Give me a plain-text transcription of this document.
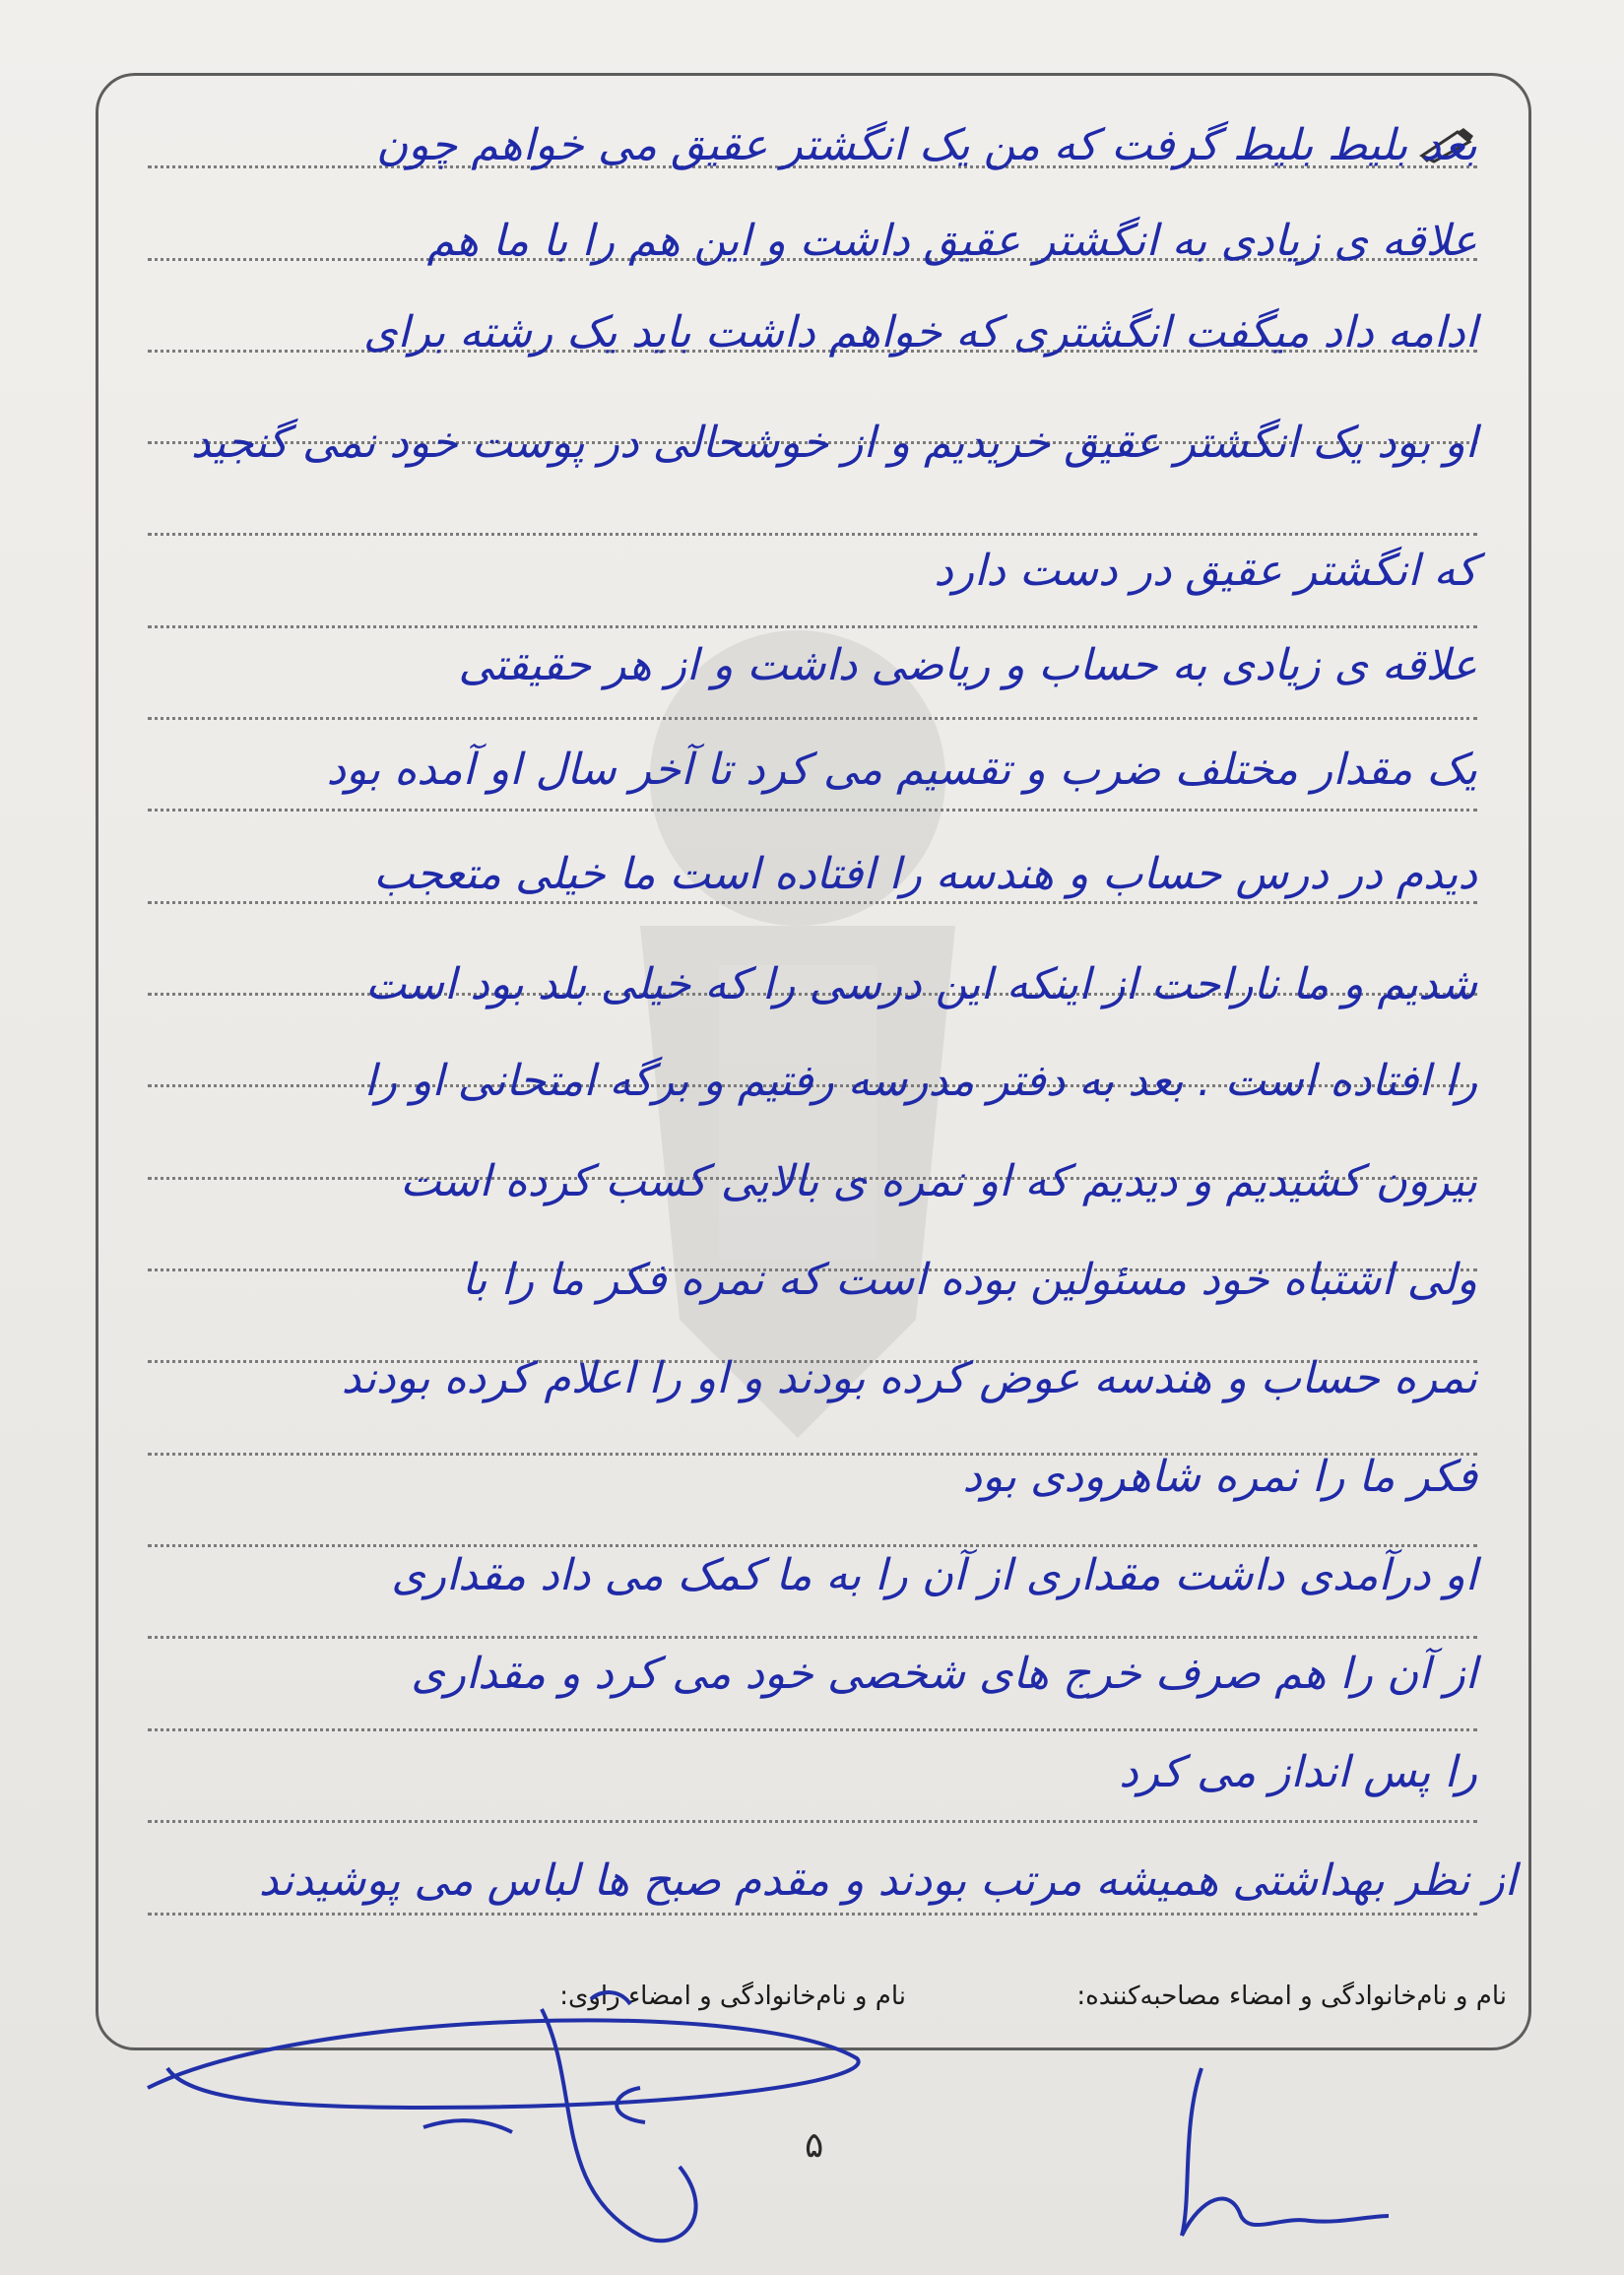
بعد بلیط بلیط گرفت که من یک انگشتر عقیق می خواهم چون
علاقه ی زیادی به انگشتر عقیق داشت و این هم را با ما هم
ادامه داد میگفت انگشتری که خواهم داشت باید یک رشته برای
او بود یک انگشتر عقیق خریدیم و از خوشحالی در پوست خود نمی گنجید
که انگشتر عقیق در دست دارد
علاقه ی زیادی به حساب و ریاضی داشت و از هر حقیقتی
یک مقدار مختلف ضرب و تقسیم می کرد تا آخر سال او آمده بود
دیدم در درس حساب و هندسه را افتاده است ما خیلی متعجب
شدیم و ما ناراحت از اینکه این درسی را که خیلی بلد بود است
را افتاده است . بعد به دفتر مدرسه رفتیم و برگه امتحانی او را
بیرون کشیدیم و دیدیم که او نمره ی بالایی کسب کرده است
ولی اشتباه خود مسئولین بوده است که نمره فکر ما را با
نمره حساب و هندسه عوض کرده بودند و او را اعلام کرده بودند
فکر ما را نمره شاهرودی بود
او درآمدی داشت مقداری از آن را به ما کمک می داد مقداری
از آن را هم صرف خرج های شخصی خود می کرد و مقداری
را پس انداز می کرد
از نظر بهداشتی همیشه مرتب بودند و مقدم صبح ها لباس می پوشیدند
نام و نام‌خانوادگی و امضاء مصاحبه‌کننده:
نام و نام‌خانوادگی و امضاء راوی:
۵
